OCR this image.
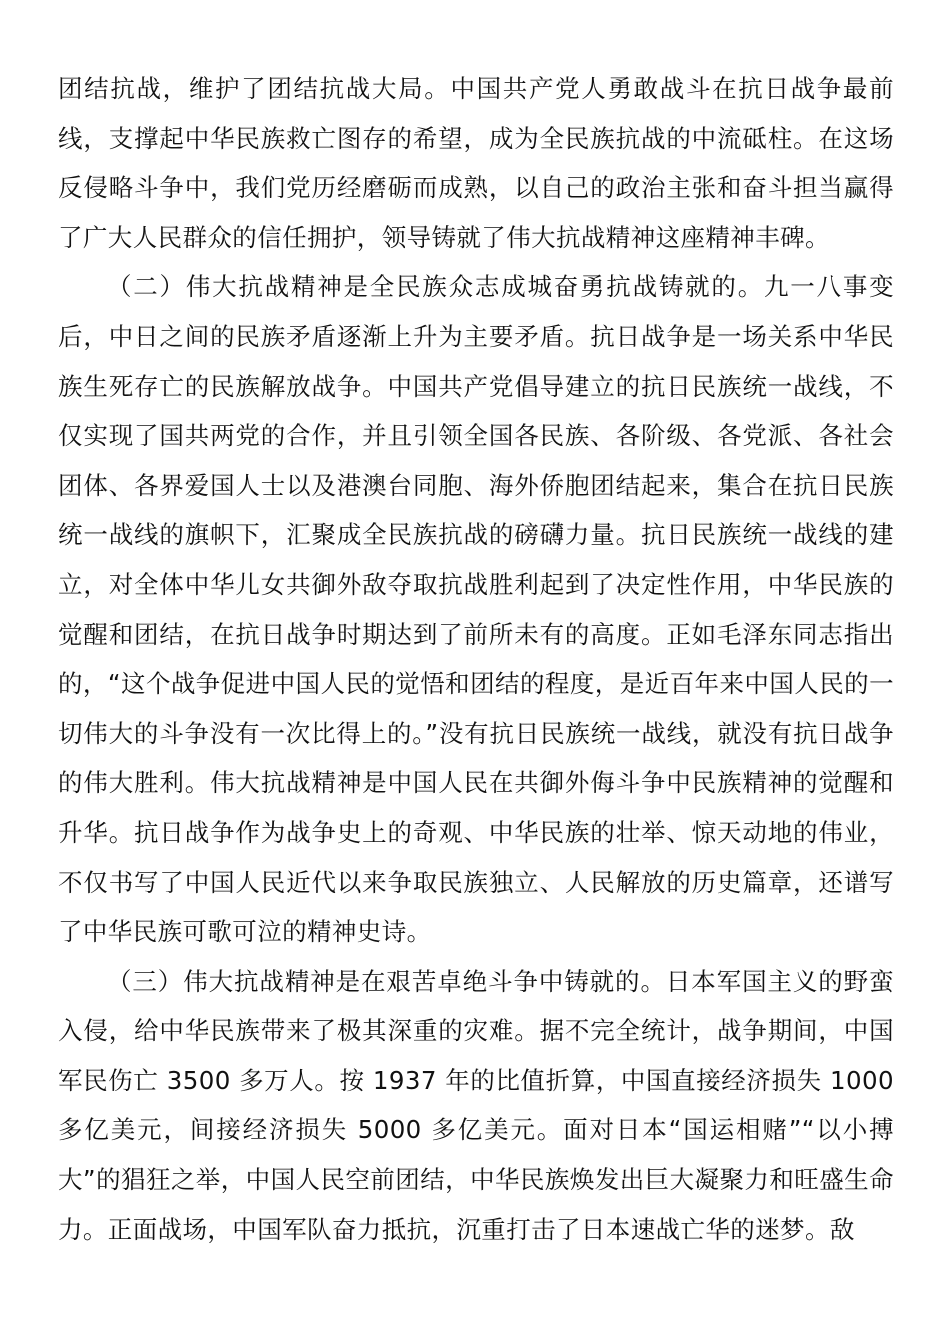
团结抗战，维护了团结抗战大局。中国共产党人勇敢战斗在抗日战争最前线，支撑起中华民族救亡图存的希望，成为全民族抗战的中流砥柱。在这场反侵略斗争中，我们党历经磨砺而成熟，以自己的政治主张和奋斗担当赢得了广大人民群众的信任拥护，领导铸就了伟大抗战精神这座精神丰碑。

（二）伟大抗战精神是全民族众志成城奋勇抗战铸就的。九一八事变后，中日之间的民族矛盾逐渐上升为主要矛盾。抗日战争是一场关系中华民族生死存亡的民族解放战争。中国共产党倡导建立的抗日民族统一战线，不仅实现了国共两党的合作，并且引领全国各民族、各阶级、各党派、各社会团体、各界爱国人士以及港澳台同胞、海外侨胞团结起来，集合在抗日民族统一战线的旗帜下，汇聚成全民族抗战的磅礴力量。抗日民族统一战线的建立，对全体中华儿女共御外敌夺取抗战胜利起到了决定性作用，中华民族的觉醒和团结，在抗日战争时期达到了前所未有的高度。正如毛泽东同志指出的，“这个战争促进中国人民的觉悟和团结的程度，是近百年来中国人民的一切伟大的斗争没有一次比得上的。”没有抗日民族统一战线，就没有抗日战争的伟大胜利。伟大抗战精神是中国人民在共御外侮斗争中民族精神的觉醒和升华。抗日战争作为战争史上的奇观、中华民族的壮举、惊天动地的伟业，不仅书写了中国人民近代以来争取民族独立、人民解放的历史篇章，还谱写了中华民族可歌可泣的精神史诗。

（三）伟大抗战精神是在艰苦卓绝斗争中铸就的。日本军国主义的野蛮入侵，给中华民族带来了极其深重的灾难。据不完全统计，战争期间，中国军民伤亡 3500 多万人。按 1937 年的比值折算，中国直接经济损失 1000 多亿美元，间接经济损失 5000 多亿美元。面对日本“国运相赌”“以小搏大”的猖狂之举，中国人民空前团结，中华民族焕发出巨大凝聚力和旺盛生命力。正面战场，中国军队奋力抵抗，沉重打击了日本速战亡华的迷梦。敌
